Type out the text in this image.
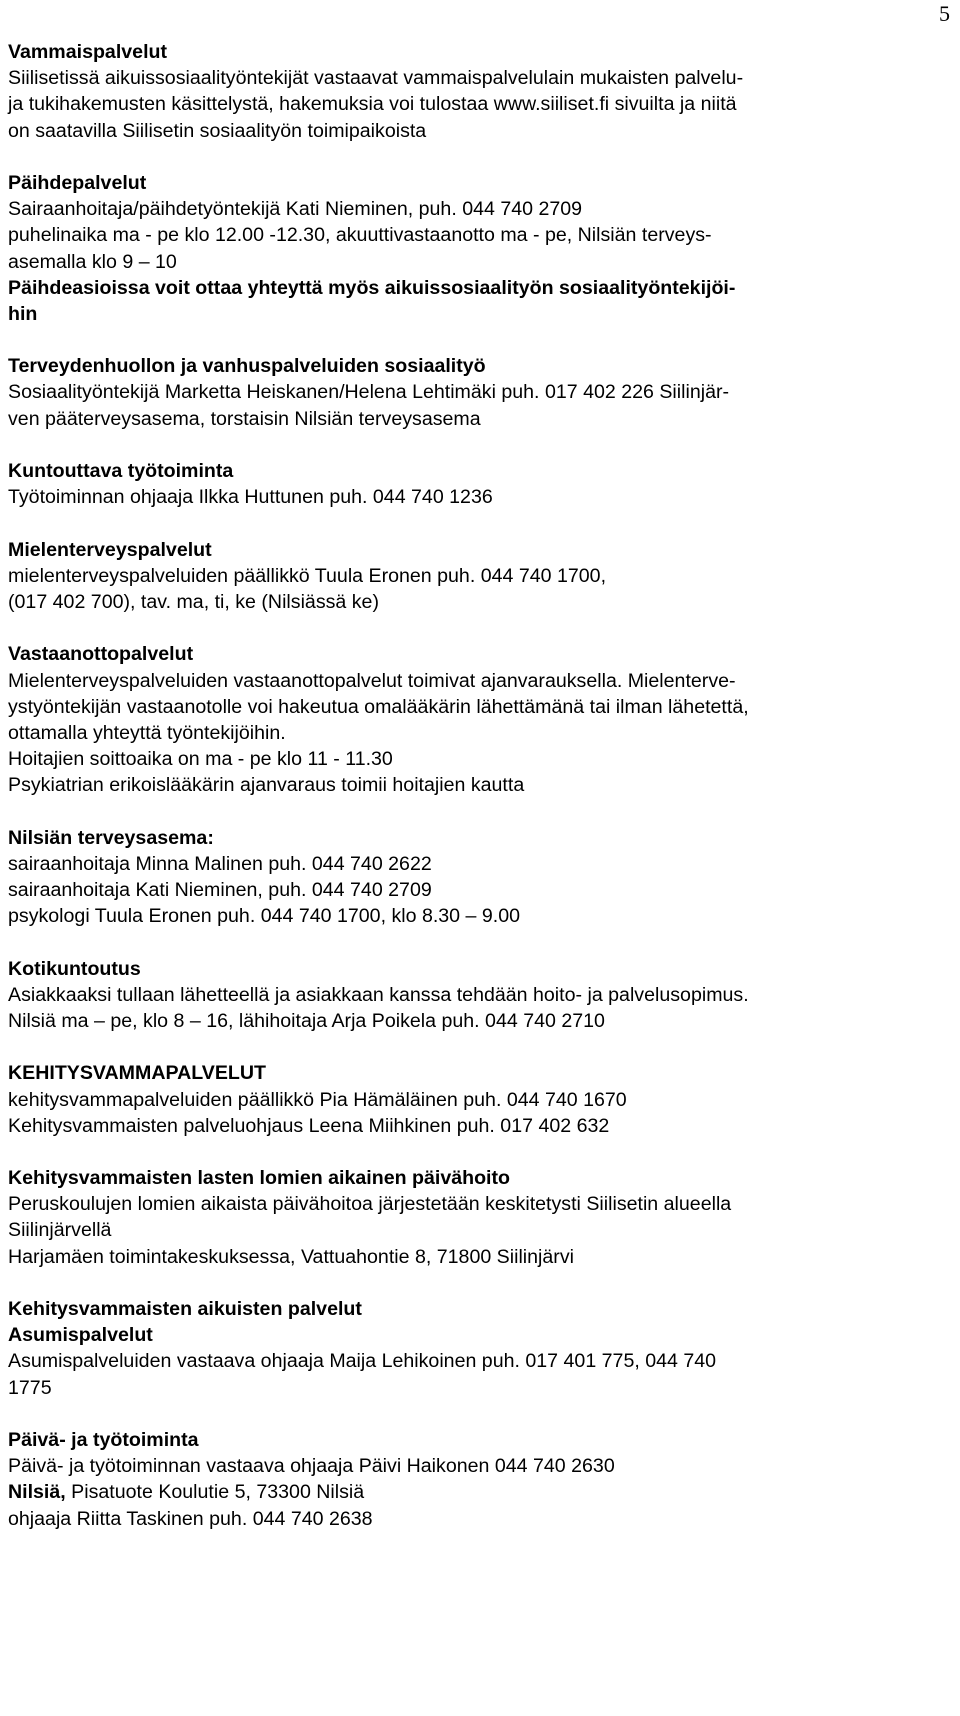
5
Vammaispalvelut
Siilisetissä aikuissosiaalityöntekijät vastaavat vammaispalvelulain mukaisten palvelu-
ja tukihakemusten käsittelystä, hakemuksia voi tulostaa www.siiliset.fi sivuilta ja niitä
on saatavilla Siilisetin sosiaalityön toimipaikoista
Päihdepalvelut
Sairaanhoitaja/päihdetyöntekijä Kati Nieminen, puh. 044 740 2709
puhelinaika ma - pe klo 12.00 -12.30, akuuttivastaanotto ma - pe, Nilsiän terveys-
asemalla klo 9 – 10
Päihdeasioissa voit ottaa yhteyttä myös aikuissosiaalityön sosiaalityöntekijöi-
hin
Terveydenhuollon ja vanhuspalveluiden sosiaalityö
Sosiaalityöntekijä Marketta Heiskanen/Helena Lehtimäki puh. 017 402 226 Siilinjär-
ven pääterveysasema, torstaisin Nilsiän terveysasema
Kuntouttava työtoiminta
Työtoiminnan ohjaaja Ilkka Huttunen puh. 044 740 1236
Mielenterveyspalvelut
mielenterveyspalveluiden päällikkö Tuula Eronen puh. 044 740 1700,
(017 402 700), tav. ma, ti, ke (Nilsiässä ke)
Vastaanottopalvelut
Mielenterveyspalveluiden vastaanottopalvelut toimivat ajanvarauksella. Mielenterve-
ystyöntekijän vastaanotolle voi hakeutua omalääkärin lähettämänä tai ilman lähetettä,
ottamalla yhteyttä työntekijöihin.
Hoitajien soittoaika on ma - pe klo 11 - 11.30
Psykiatrian erikoislääkärin ajanvaraus toimii hoitajien kautta
Nilsiän terveysasema:
sairaanhoitaja Minna Malinen puh. 044 740 2622
sairaanhoitaja Kati Nieminen, puh. 044 740 2709
psykologi Tuula Eronen puh. 044 740 1700, klo 8.30 – 9.00
Kotikuntoutus
Asiakkaaksi tullaan lähetteellä ja asiakkaan kanssa tehdään hoito- ja palvelusopimus.
Nilsiä ma – pe, klo 8 – 16, lähihoitaja Arja Poikela puh. 044 740 2710
KEHITYSVAMMAPALVELUT
kehitysvammapalveluiden päällikkö Pia Hämäläinen puh. 044 740 1670
Kehitysvammaisten palveluohjaus Leena Miihkinen puh. 017 402 632
Kehitysvammaisten lasten lomien aikainen päivähoito
Peruskoulujen lomien aikaista päivähoitoa järjestetään keskitetysti Siilisetin alueella
Siilinjärvellä
Harjamäen toimintakeskuksessa, Vattuahontie 8, 71800 Siilinjärvi
Kehitysvammaisten aikuisten palvelut
Asumispalvelut
Asumispalveluiden vastaava ohjaaja Maija Lehikoinen puh. 017 401 775, 044 740
1775
Päivä- ja työtoiminta
Päivä- ja työtoiminnan vastaava ohjaaja Päivi Haikonen 044 740 2630
Nilsiä, Pisatuote Koulutie 5, 73300 Nilsiä
ohjaaja Riitta Taskinen puh. 044 740 2638
